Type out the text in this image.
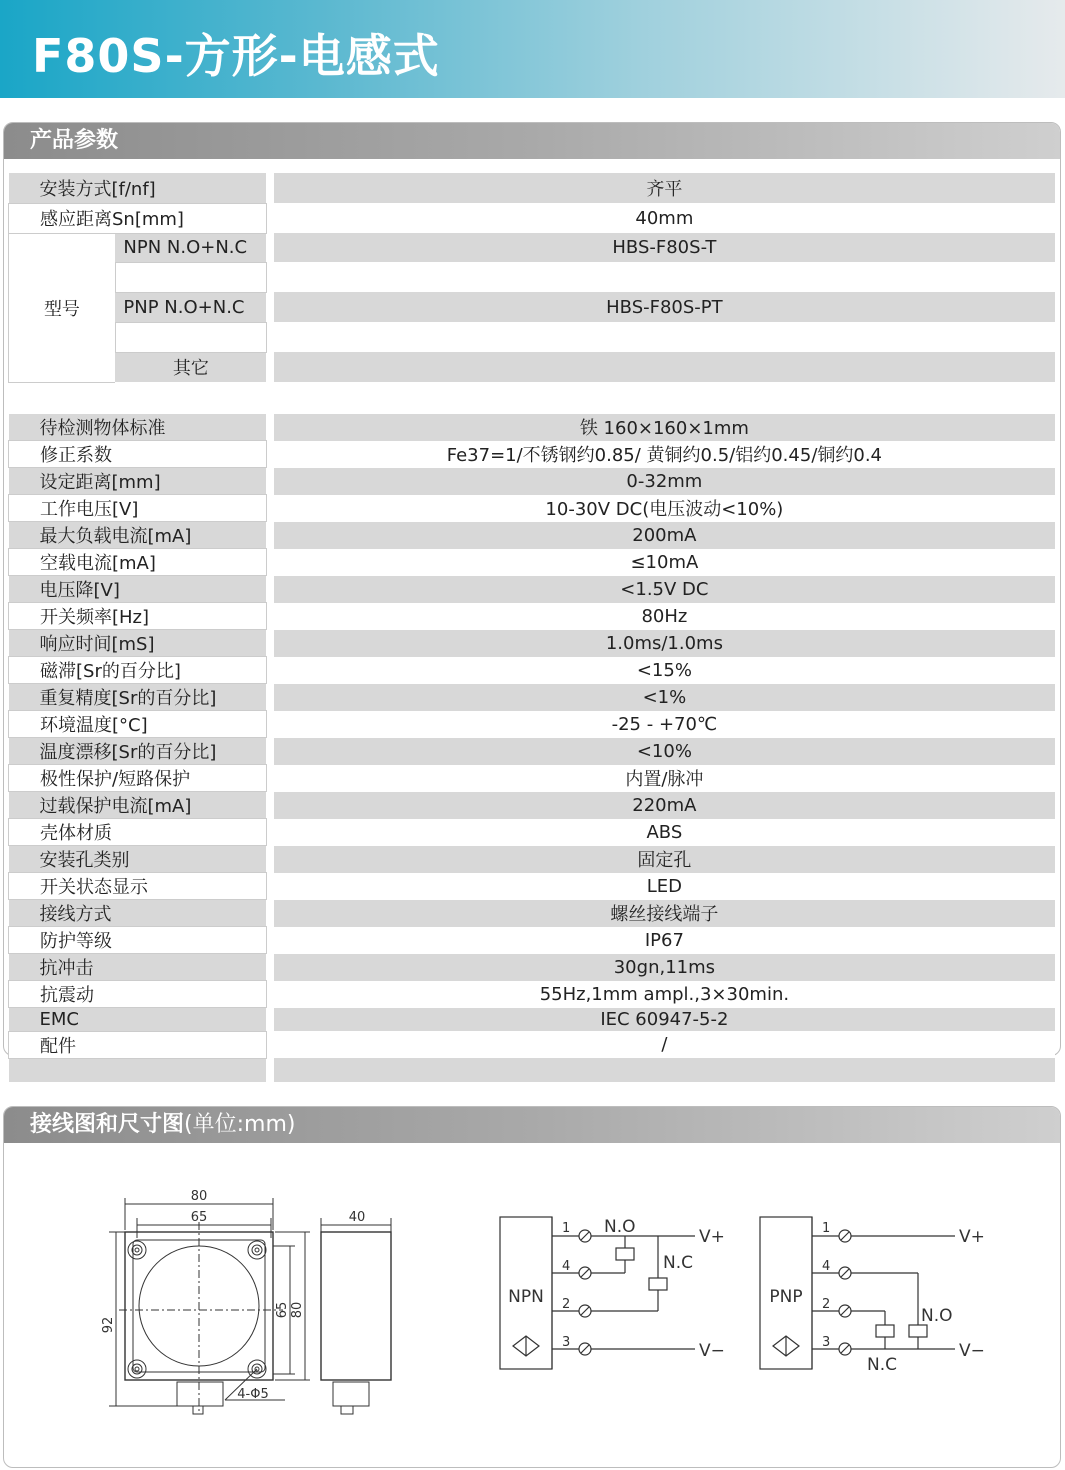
F80S-方形-电感式
产品参数
安装方式[f/nf]			齐平
感应距离Sn[mm]			40mm
型号	NPN N.O+N.C		HBS-F80S-T

	PNP N.O+N.C		HBS-F80S-PT

	其它		
待检测物体标准		铁 160×160×1mm
修正系数		Fe37=1/不锈钢约0.85/ 黄铜约0.5/铝约0.45/铜约0.4
设定距离[mm]		0-32mm
工作电压[V]		10-30V DC(电压波动<10%)
最大负载电流[mA]		200mA
空载电流[mA]		≤10mA
电压降[V]		<1.5V DC
开关频率[Hz]		80Hz
响应时间[mS]		1.0ms/1.0ms
磁滞[Sr的百分比]		<15%
重复精度[Sr的百分比]		<1%
环境温度[°C]		-25 - +70℃
温度漂移[Sr的百分比]		<10%
极性保护/短路保护		内置/脉冲
过载保护电流[mA]		220mA
壳体材质		ABS
安装孔类别		固定孔
开关状态显示		LED
接线方式		螺丝接线端子
防护等级		IP67
抗冲击		30gn,11ms
抗震动		55Hz,1mm ampl.,3×30min.
EMC		IEC 60947-5-2
配件		/

接线图和尺寸图(单位:mm)
80
65
92
65 80
40
4-Φ5
NPN
1
4
2
3
N.O
N.C
V+
V−
PNP
1
4
2
3
N.O
N.C
V+
V−
